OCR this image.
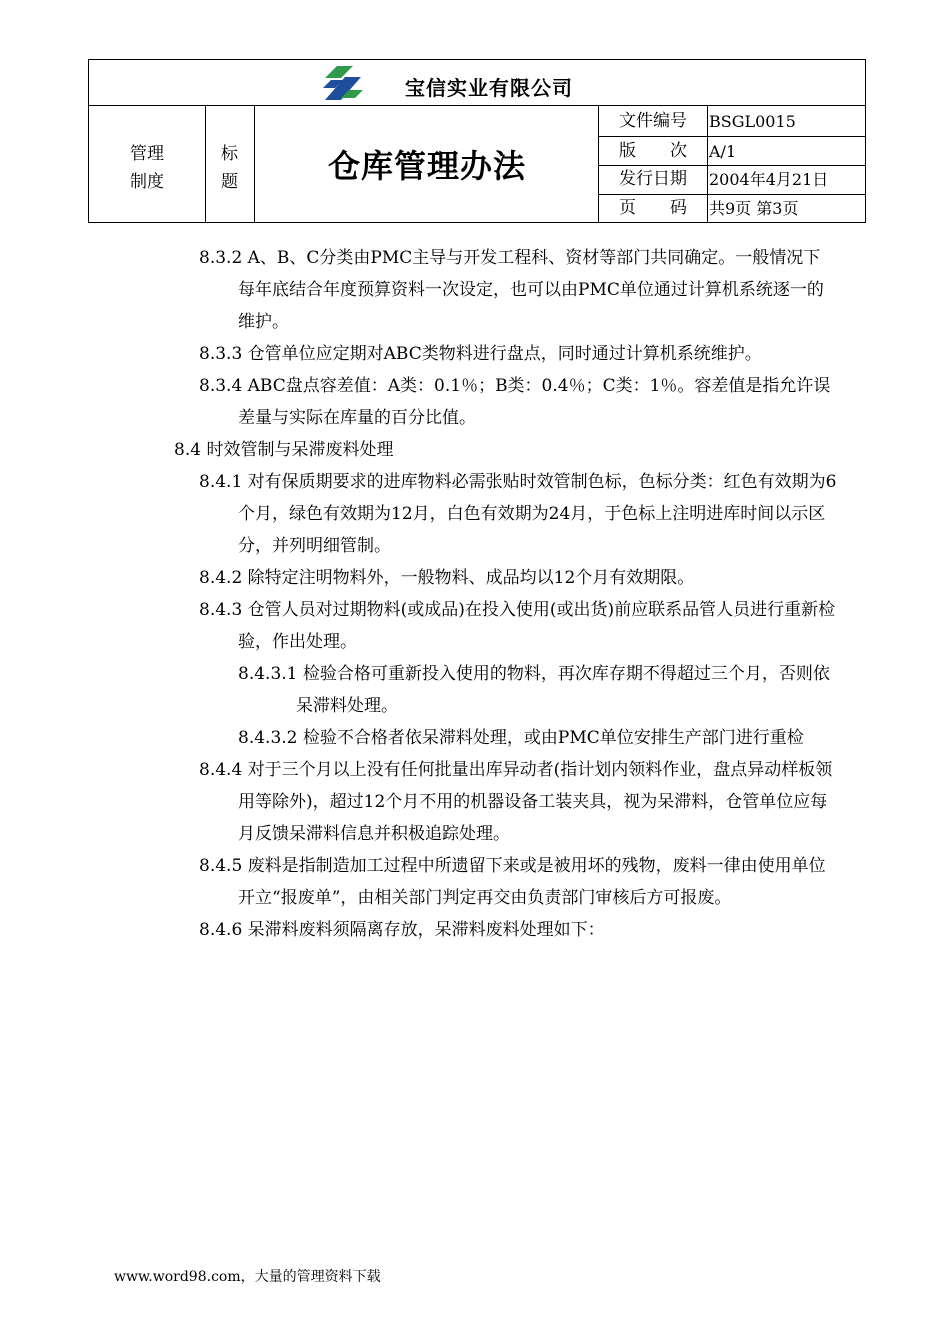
宝信实业有限公司
管理
制度
标
题	仓库管理办法
文件编号	BSGL0015
版　　次	A/1
发行日期	2004年4月21日
页　　码	共9页 第3页
8.3.2 A、B、C分类由PMC主导与开发工程科、资材等部门共同确定。一般情况下每年底结合年度预算资料一次设定，也可以由PMC单位通过计算机系统逐一的维护。
8.3.3 仓管单位应定期对ABC类物料进行盘点，同时通过计算机系统维护。
8.3.4 ABC盘点容差值：A类：0.1％；B类：0.4％；C类：1％。容差值是指允许误差量与实际在库量的百分比值。
8.4 时效管制与呆滞废料处理
8.4.1 对有保质期要求的进库物料必需张贴时效管制色标，色标分类：红色有效期为6个月，绿色有效期为12月，白色有效期为24月，于色标上注明进库时间以示区分，并列明细管制。
8.4.2 除特定注明物料外，一般物料、成品均以12个月有效期限。
8.4.3 仓管人员对过期物料(或成品)在投入使用(或出货)前应联系品管人员进行重新检验，作出处理。
8.4.3.1 检验合格可重新投入使用的物料，再次库存期不得超过三个月，否则依呆滞料处理。
8.4.3.2 检验不合格者依呆滞料处理，或由PMC单位安排生产部门进行重检
8.4.4 对于三个月以上没有任何批量出库异动者(指计划内领料作业，盘点异动样板领用等除外)，超过12个月不用的机器设备工装夹具，视为呆滞料，仓管单位应每月反馈呆滞料信息并积极追踪处理。
8.4.5 废料是指制造加工过程中所遗留下来或是被用坏的残物，废料一律由使用单位开立“报废单”，由相关部门判定再交由负责部门审核后方可报废。
8.4.6 呆滞料废料须隔离存放，呆滞料废料处理如下：
www.word98.com，大量的管理资料下载
